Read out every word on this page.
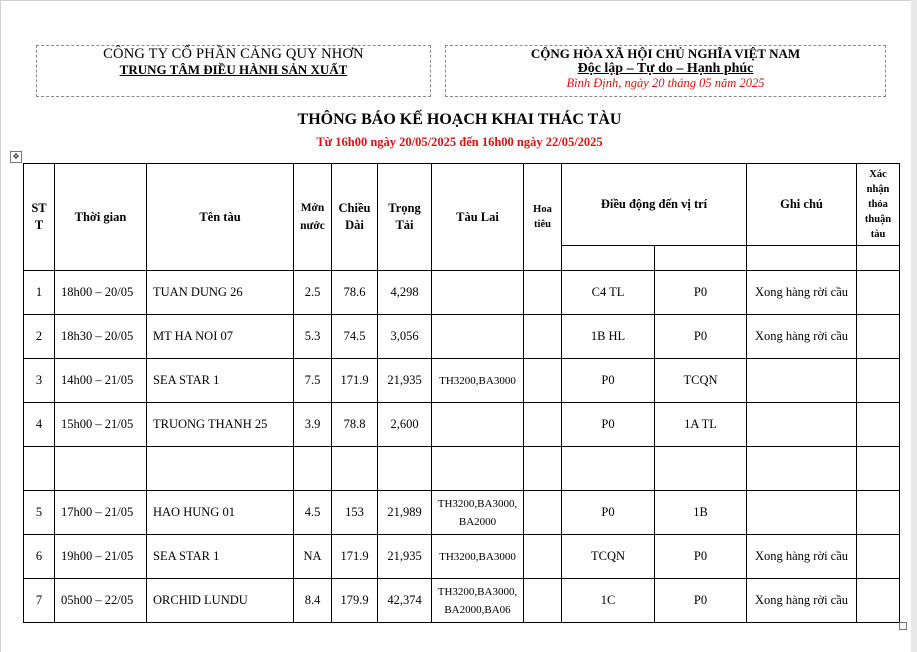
CÔNG TY CỔ PHẦN CẢNG QUY NHƠN
TRUNG TÂM ĐIỀU HÀNH SẢN XUẤT
CỘNG HÒA XÃ HỘI CHỦ NGHĨA VIỆT NAM
Độc lập – Tự do – Hạnh phúc
Bình Định, ngày 20 tháng 05 năm 2025
THÔNG BÁO KẾ HOẠCH KHAI THÁC TÀU
Từ 16h00 ngày 20/05/2025 đến 16h00 ngày 22/05/2025
✥
STT	Thời gian	Tên tàu	Mớn nước	Chiều Dài	Trọng Tải	Tàu Lai	Hoa tiêu	Điều động đến vị trí		Ghi chú	Xác nhận thỏa thuận tàu

1	18h00 – 20/05	TUAN DUNG 26	2.5	78.6	4,298			C4 TL	P0	Xong hàng rời cầu	
2	18h30 – 20/05	MT HA NOI 07	5.3	74.5	3,056			1B HL	P0	Xong hàng rời cầu	
3	14h00 – 21/05	SEA STAR 1	7.5	171.9	21,935	TH3200,BA3000		P0	TCQN		
4	15h00 – 21/05	TRUONG THANH 25	3.9	78.8	2,600			P0	1A TL		

5	17h00 – 21/05	HAO HUNG 01	4.5	153	21,989	TH3200,BA3000, BA2000		P0	1B		
6	19h00 – 21/05	SEA STAR 1	NA	171.9	21,935	TH3200,BA3000		TCQN	P0	Xong hàng rời cầu	
7	05h00 – 22/05	ORCHID LUNDU	8.4	179.9	42,374	TH3200,BA3000, BA2000,BA06		1C	P0	Xong hàng rời cầu	
